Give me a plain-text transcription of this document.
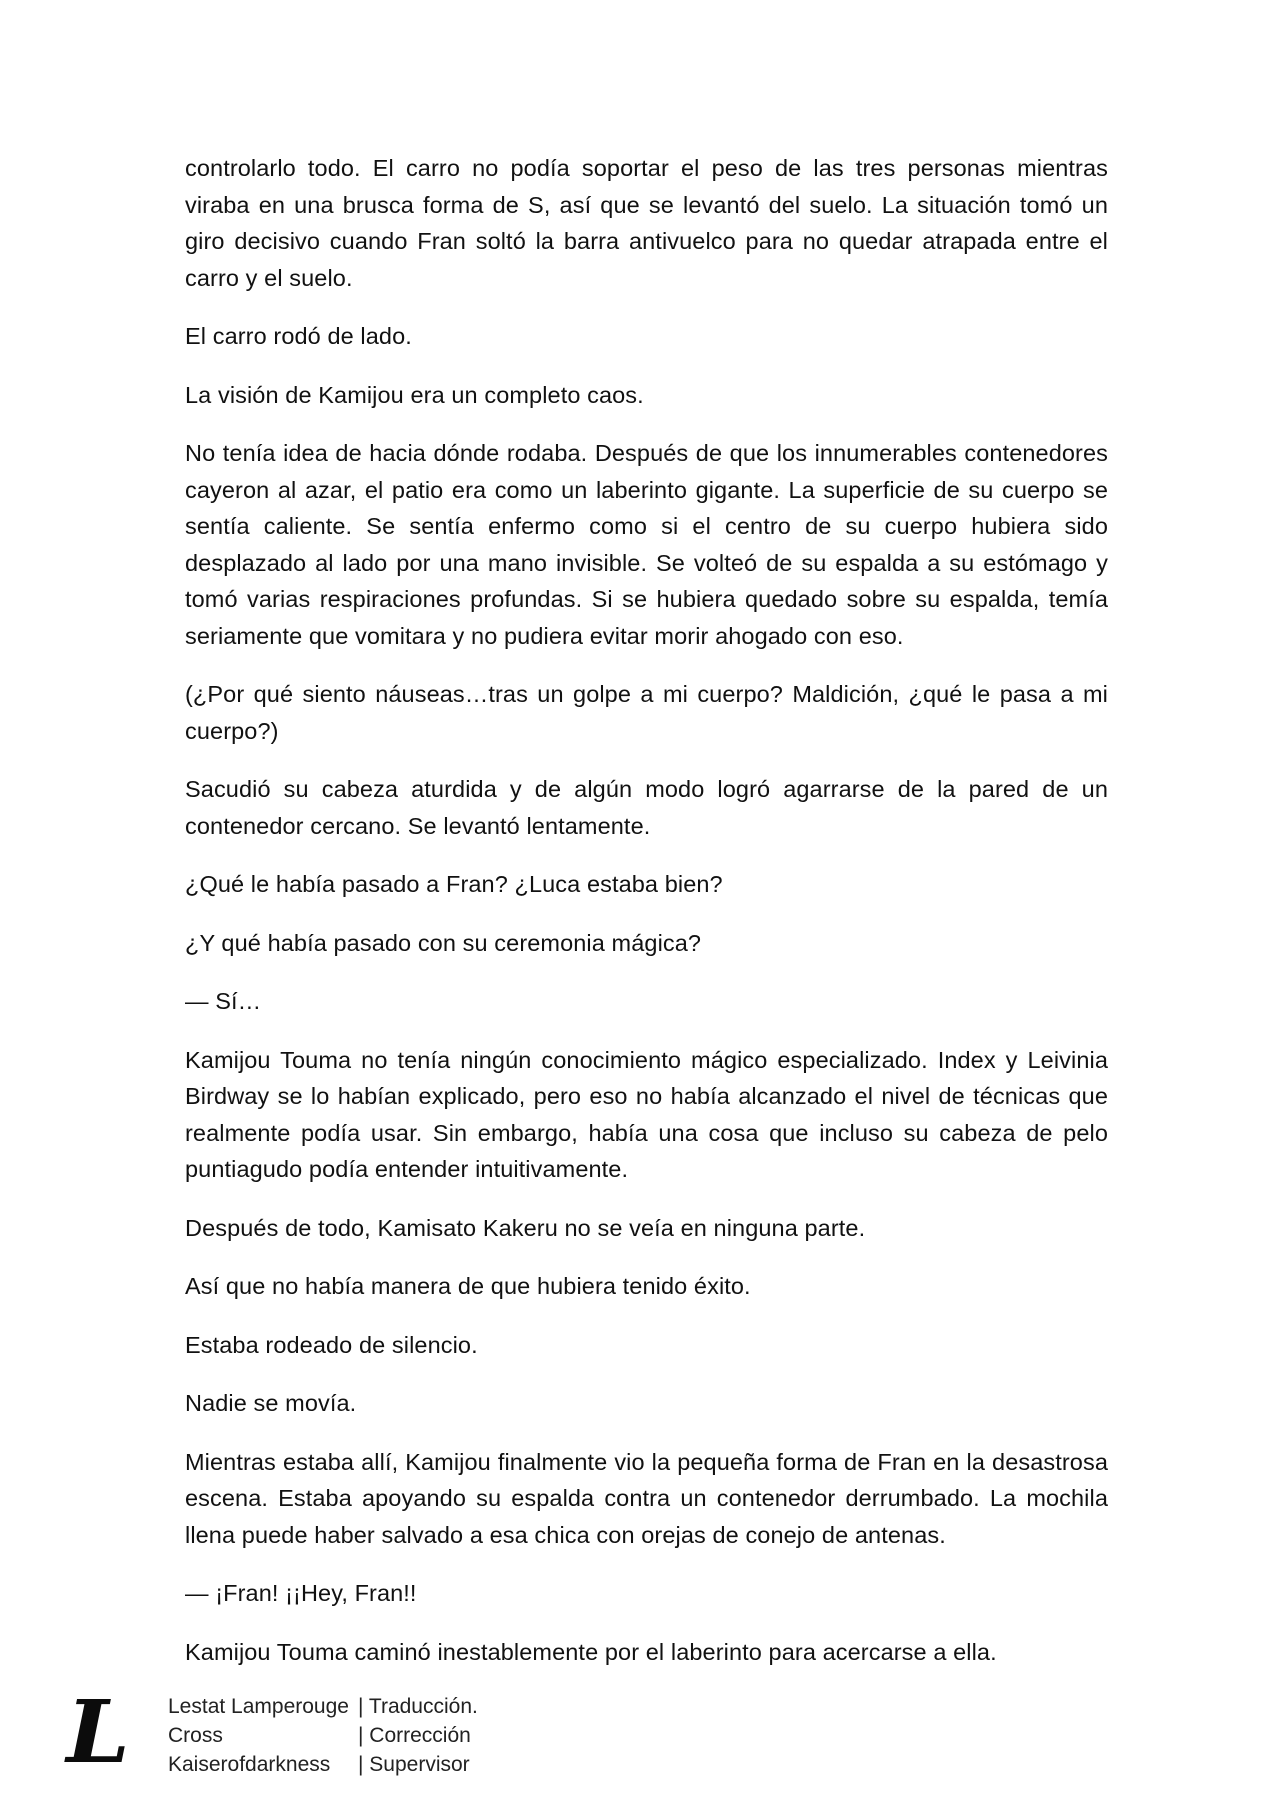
controlarlo todo. El carro no podía soportar el peso de las tres personas mientras viraba en una brusca forma de S, así que se levantó del suelo. La situación tomó un giro decisivo cuando Fran soltó la barra antivuelco para no quedar atrapada entre el carro y el suelo.

El carro rodó de lado.

La visión de Kamijou era un completo caos.

No tenía idea de hacia dónde rodaba. Después de que los innumerables contenedores cayeron al azar, el patio era como un laberinto gigante. La superficie de su cuerpo se sentía caliente. Se sentía enfermo como si el centro de su cuerpo hubiera sido desplazado al lado por una mano invisible. Se volteó de su espalda a su estómago y tomó varias respiraciones profundas. Si se hubiera quedado sobre su espalda, temía seriamente que vomitara y no pudiera evitar morir ahogado con eso.

(¿Por qué siento náuseas…tras un golpe a mi cuerpo? Maldición, ¿qué le pasa a mi cuerpo?)

Sacudió su cabeza aturdida y de algún modo logró agarrarse de la pared de un contenedor cercano. Se levantó lentamente.

¿Qué le había pasado a Fran? ¿Luca estaba bien?

¿Y qué había pasado con su ceremonia mágica?

— Sí…

Kamijou Touma no tenía ningún conocimiento mágico especializado. Index y Leivinia Birdway se lo habían explicado, pero eso no había alcanzado el nivel de técnicas que realmente podía usar. Sin embargo, había una cosa que incluso su cabeza de pelo puntiagudo podía entender intuitivamente.

Después de todo, Kamisato Kakeru no se veía en ninguna parte.

Así que no había manera de que hubiera tenido éxito.

Estaba rodeado de silencio.

Nadie se movía.

Mientras estaba allí, Kamijou finalmente vio la pequeña forma de Fran en la desastrosa escena. Estaba apoyando su espalda contra un contenedor derrumbado. La mochila llena puede haber salvado a esa chica con orejas de conejo de antenas.

— ¡Fran! ¡¡Hey, Fran!!

Kamijou Touma caminó inestablemente por el laberinto para acercarse a ella.

L Lestat Lamperouge | Traducción.
Cross	| Corrección
Kaiserofdarkness	| Supervisor
